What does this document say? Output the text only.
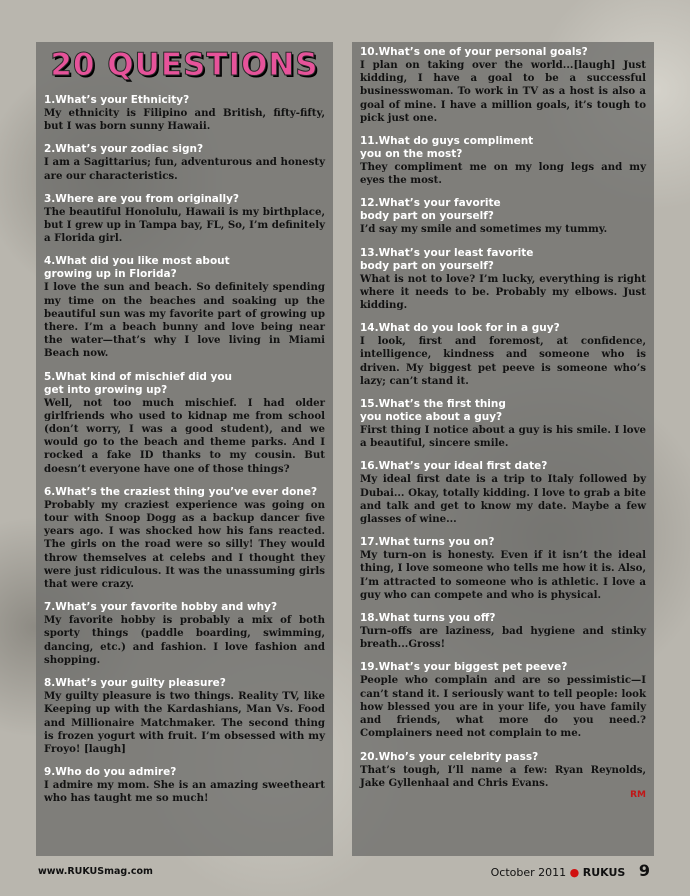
20 QUESTIONS
1.What’s your Ethnicity?
My ethnicity is Filipino and British, fifty-fifty, but I was born sunny Hawaii.
2.What’s your zodiac sign?
I am a Sagittarius; fun, adventurous and honesty are our characteristics.
3.Where are you from originally?
The beautiful Honolulu, Hawaii is my birthplace, but I grew up in Tampa bay, FL, So, I’m definitely a Florida girl.
4.What did you like most about
growing up in Florida?
I love the sun and beach. So definitely spending my time on the beaches and soaking up the beautiful sun was my favorite part of growing up there. I’m a beach bunny and love being near the water—that’s why I love living in Miami Beach now.
5.What kind of mischief did you
get into growing up?
Well, not too much mischief. I had older girlfriends who used to kidnap me from school (don’t worry, I was a good student), and we would go to the beach and theme parks. And I rocked a fake ID thanks to my cousin. But doesn’t everyone have one of those things?
6.What’s the craziest thing you’ve ever done?
Probably my craziest experience was going on tour with Snoop Dogg as a backup dancer five years ago. I was shocked how his fans reacted. The girls on the road were so silly! They would throw themselves at celebs and I thought they were just ridiculous. It was the unassuming girls that were crazy.
7.What’s your favorite hobby and why?
My favorite hobby is probably a mix of both sporty things (paddle boarding, swimming, dancing, etc.) and fashion. I love fashion and shopping.
8.What’s your guilty pleasure?
My guilty pleasure is two things. Reality TV, like Keeping up with the Kardashians, Man Vs. Food and Millionaire Matchmaker. The second thing is frozen yogurt with fruit. I’m obsessed with my Froyo! [laugh]
9.Who do you admire?
I admire my mom. She is an amazing sweetheart who has taught me so much!
10.What’s one of your personal goals?
I plan on taking over the world...[laugh] Just kidding, I have a goal to be a successful businesswoman. To work in TV as a host is also a goal of mine. I have a million goals, it’s tough to pick just one.
11.What do guys compliment
you on the most?
They compliment me on my long legs and my eyes the most.
12.What’s your favorite
body part on yourself?
I’d say my smile and sometimes my tummy.
13.What’s your least favorite
body part on yourself?
What is not to love? I’m lucky, everything is right where it needs to be. Probably my elbows. Just kidding.
14.What do you look for in a guy?
I look, first and foremost, at confidence, intelligence, kindness and someone who is driven. My biggest pet peeve is someone who’s lazy; can’t stand it.
15.What’s the first thing
you notice about a guy?
First thing I notice about a guy is his smile. I love a beautiful, sincere smile.
16.What’s your ideal first date?
My ideal first date is a trip to Italy followed by Dubai... Okay, totally kidding. I love to grab a bite and talk and get to know my date. Maybe a few glasses of wine...
17.What turns you on?
My turn-on is honesty. Even if it isn’t the ideal thing, I love someone who tells me how it is. Also, I’m attracted to someone who is athletic. I love a guy who can compete and who is physical.
18.What turns you off?
Turn-offs are laziness, bad hygiene and stinky breath...Gross!
19.What’s your biggest pet peeve?
People who complain and are so pessimistic—I can’t stand it. I seriously want to tell people: look how blessed you are in your life, you have family and friends, what more do you need.?Complainers need not complain to me.
20.Who’s your celebrity pass?
That’s tough, I’ll name a few: Ryan Reynolds, Jake Gyllenhaal and Chris Evans.
RM
www.RUKUSmag.com	October 2011 ● RUKUS 9
